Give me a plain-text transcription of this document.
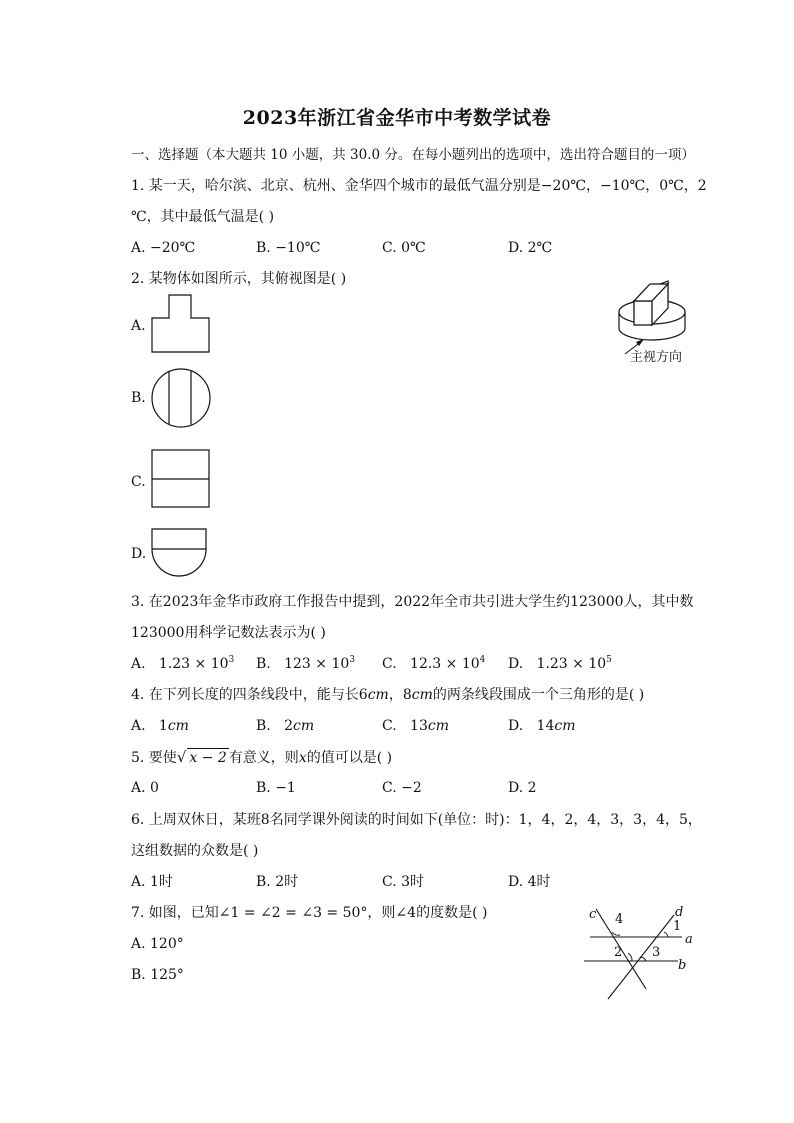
2023年浙江省金华市中考数学试卷
一、选择题（本大题共 10 小题，共 30.0 分。在每小题列出的选项中，选出符合题目的一项）
1. 某一天，哈尔滨、北京、杭州、金华四个城市的最低气温分别是−20℃，−10℃，0℃，2
℃，其中最低气温是( )
A. −20℃	B. −10℃	C. 0℃	D. 2℃
2. 某物体如图所示，其俯视图是( )
主视方向
A.
B.
C.
D.
3. 在2023年金华市政府工作报告中提到，2022年全市共引进大学生约123000人，其中数
123000用科学记数法表示为( )
A. $1.23 \times 10^3$ B. $123 \times 10^3$ C. $12.3 \times 10^4$ D. $1.23 \times 10^5$
4. 在下列长度的四条线段中，能与长6cm，8cm的两条线段围成一个三角形的是( )
A. 1cm	B. 2cm	C. 13cm	D. 14cm
5. 要使√ x − 2 有意义，则x的值可以是( )
A. 0	B. −1	C. −2	D. 2
6. 上周双休日，某班8名同学课外阅读的时间如下(单位：时)：1，4，2，4，3，3，4，5，
这组数据的众数是( )
A. 1时	B. 2时	C. 3时	D. 4时
7. 如图，已知∠1 = ∠2 = ∠3 = 50°，则∠4的度数是( )
A. 120°
B. 125°
c 4	d
1
a
2 3
b
